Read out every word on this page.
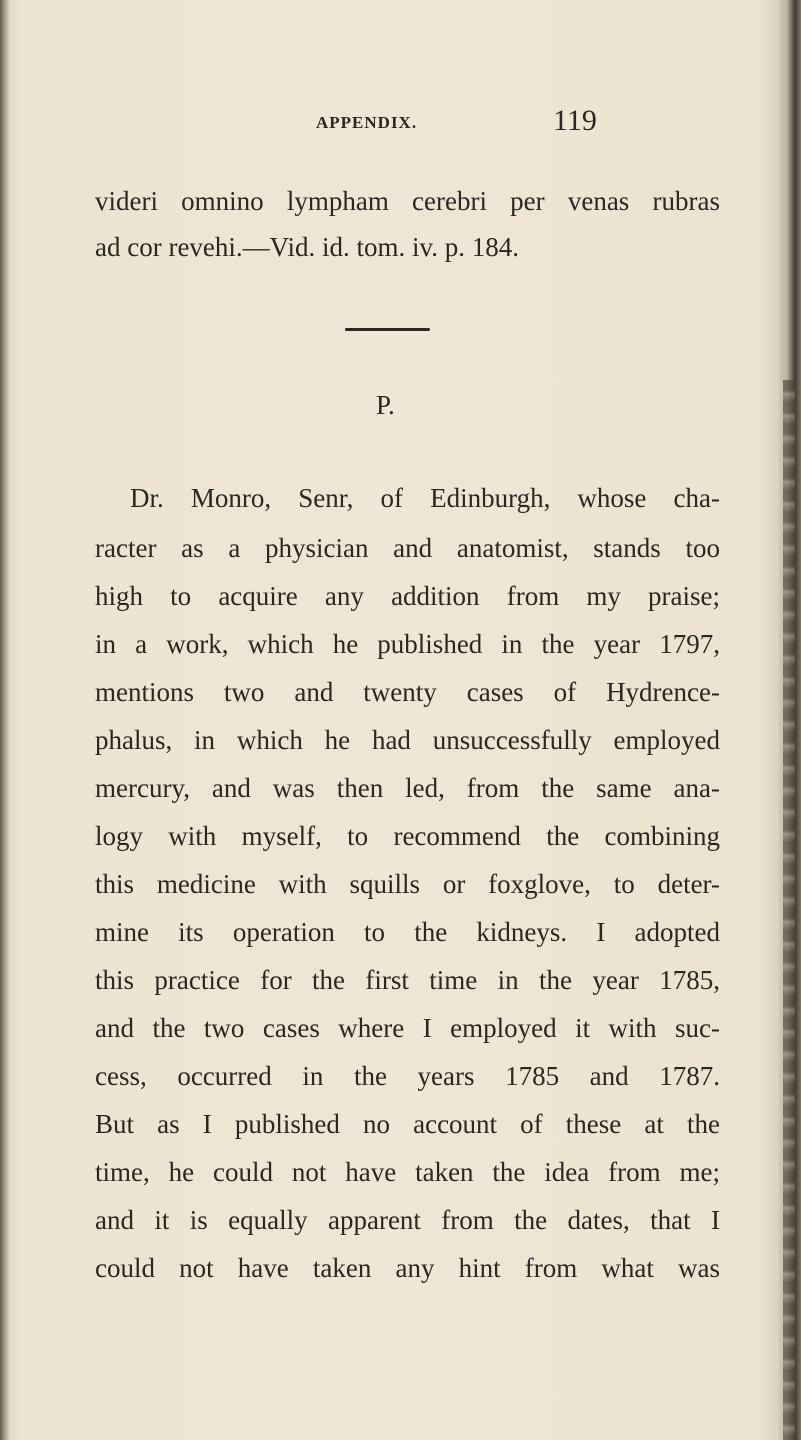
APPENDIX.	119
videri omnino lympham cerebri per venas rubras
ad cor revehi.—Vid. id. tom. iv. p. 184.
P.
Dr. Monro, Senr, of Edinburgh, whose cha-
racter as a physician and anatomist, stands too
high to acquire any addition from my praise;
in a work, which he published in the year 1797,
mentions two and twenty cases of Hydrence-
phalus, in which he had unsuccessfully employed
mercury, and was then led, from the same ana-
logy with myself, to recommend the combining
this medicine with squills or foxglove, to deter-
mine its operation to the kidneys. I adopted
this practice for the first time in the year 1785,
and the two cases where I employed it with suc-
cess, occurred in the years 1785 and 1787.
But as I published no account of these at the
time, he could not have taken the idea from me;
and it is equally apparent from the dates, that I
could not have taken any hint from what was
